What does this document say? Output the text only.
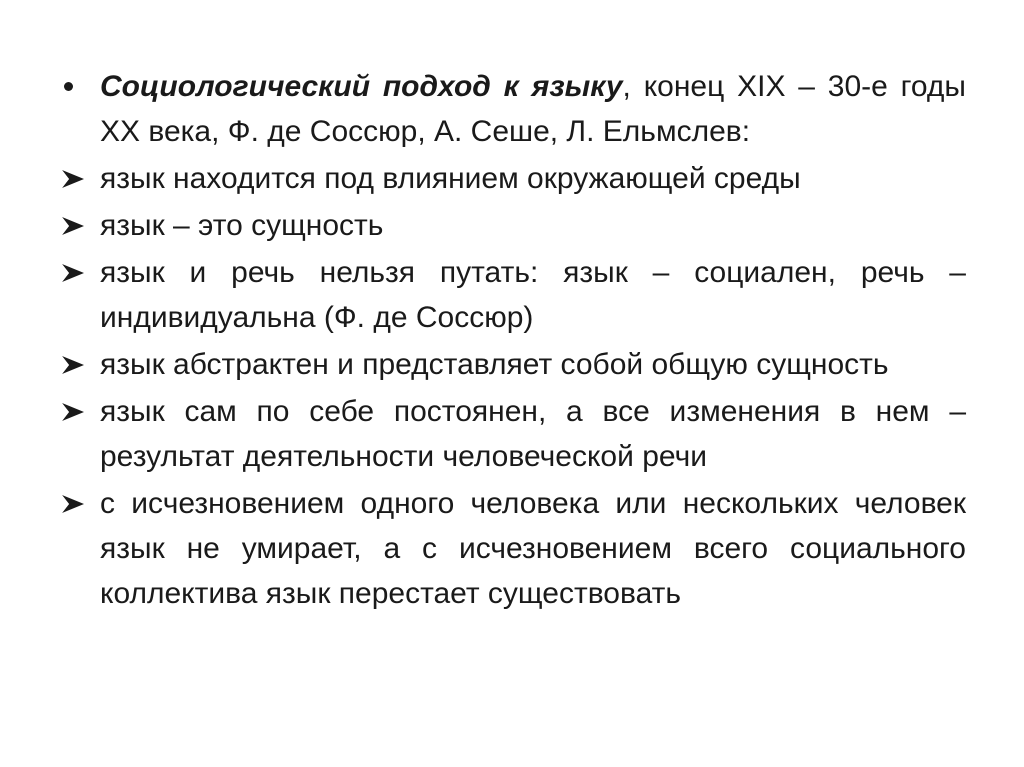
Социологический подход к языку, конец XIX – 30-е годы XX века, Ф. де Соссюр, А. Сеше, Л. Ельмслев:
язык находится под влиянием окружающей среды
язык – это сущность
язык и речь нельзя путать: язык – социален, речь – индивидуальна (Ф. де Соссюр)
язык абстрактен и представляет собой общую сущность
язык сам по себе постоянен, а все изменения в нем – результат деятельности человеческой речи
с исчезновением одного человека или нескольких человек язык не умирает, а с исчезновением всего социального коллектива язык перестает существовать
